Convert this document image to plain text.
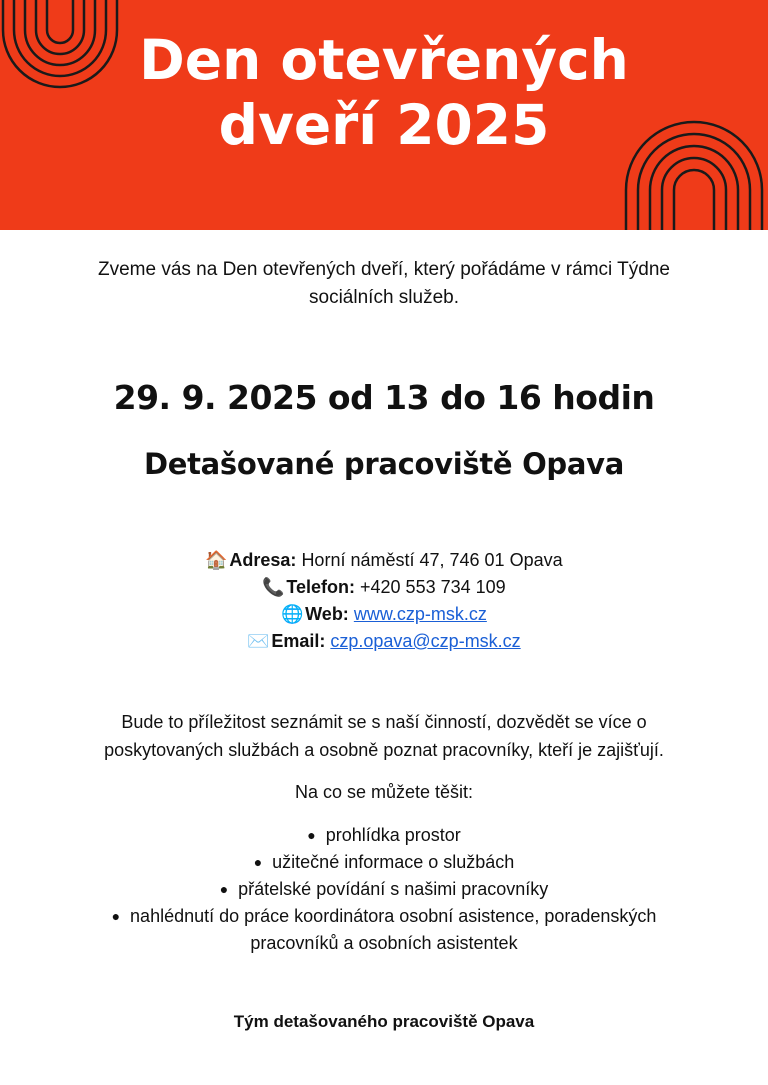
Den otevřených
dveří 2025
Zveme vás na Den otevřených dveří, který pořádáme v rámci Týdne
sociálních služeb.
29. 9. 2025 od 13 do 16 hodin
Detašované pracoviště Opava
🏠Adresa: Horní náměstí 47, 746 01 Opava
📞Telefon: +420 553 734 109
🌐Web: www.czp-msk.cz
✉️Email: czp.opava@czp-msk.cz
Bude to příležitost seznámit se s naší činností, dozvědět se více o
poskytovaných službách a osobně poznat pracovníky, kteří je zajišťují.
Na co se můžete těšit:
● prohlídka prostor
● užitečné informace o službách
● přátelské povídání s našimi pracovníky
● nahlédnutí do práce koordinátora osobní asistence, poradenských
pracovníků a osobních asistentek
Tým detašovaného pracoviště Opava
